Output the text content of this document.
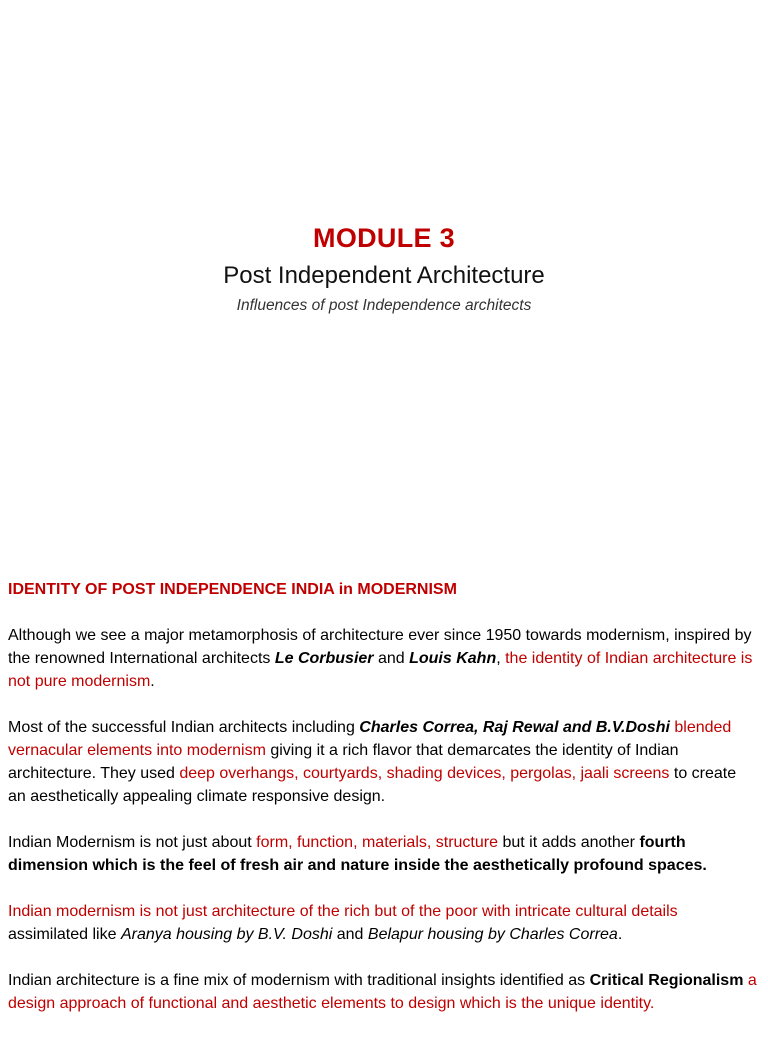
MODULE 3
Post Independent Architecture
Influences of post Independence architects

IDENTITY OF POST INDEPENDENCE INDIA in MODERNISM

Although we see a major metamorphosis of architecture ever since 1950 towards modernism, inspired by the renowned International architects Le Corbusier and Louis Kahn, the identity of Indian architecture is not pure modernism.

Most of the successful Indian architects including Charles Correa, Raj Rewal and B.V.Doshi blended vernacular elements into modernism giving it a rich flavor that demarcates the identity of Indian architecture. They used deep overhangs, courtyards, shading devices, pergolas, jaali screens to create an aesthetically appealing climate responsive design.

Indian Modernism is not just about form, function, materials, structure but it adds another fourth dimension which is the feel of fresh air and nature inside the aesthetically profound spaces.

Indian modernism is not just architecture of the rich but of the poor with intricate cultural details assimilated like Aranya housing by B.V. Doshi and Belapur housing by Charles Correa.

Indian architecture is a fine mix of modernism with traditional insights identified as Critical Regionalism a design approach of functional and aesthetic elements to design which is the unique identity.
